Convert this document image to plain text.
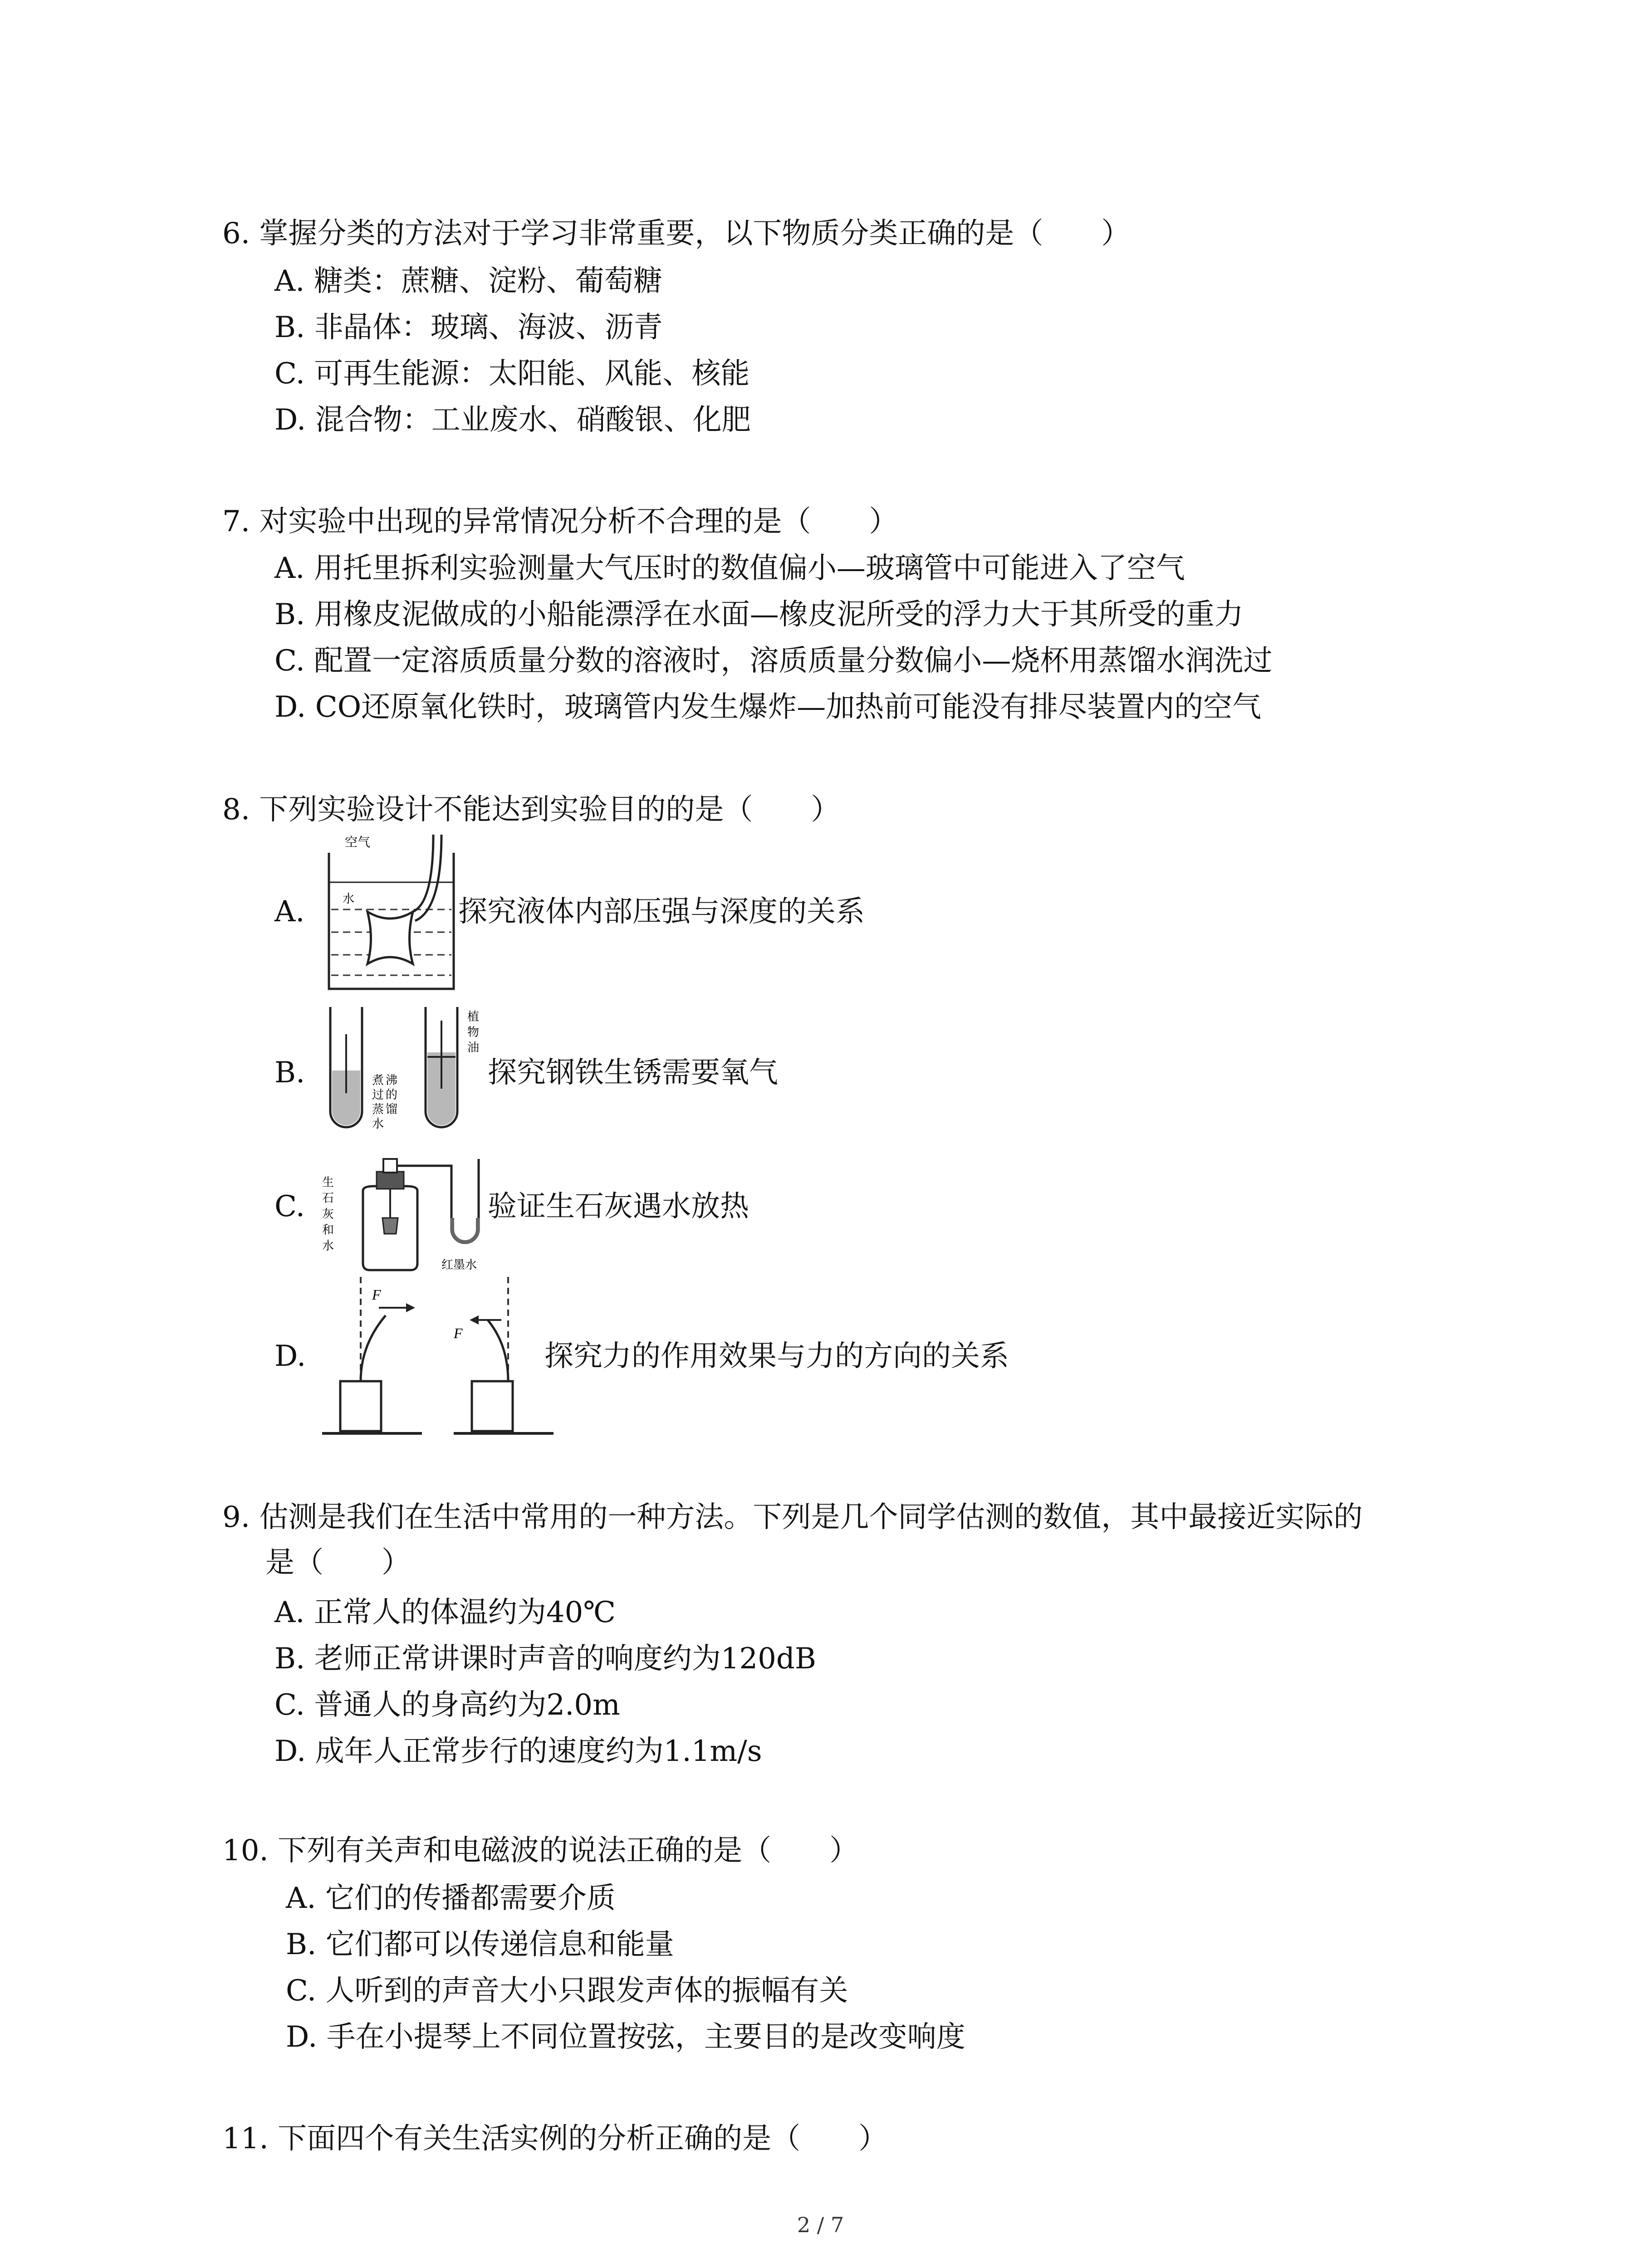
6. 掌握分类的方法对于学习非常重要，以下物质分类正确的是（　　）
A. 糖类：蔗糖、淀粉、葡萄糖
B. 非晶体：玻璃、海波、沥青
C. 可再生能源：太阳能、风能、核能
D. 混合物：工业废水、硝酸银、化肥
7. 对实验中出现的异常情况分析不合理的是（　　）
A. 用托里拆利实验测量大气压时的数值偏小—玻璃管中可能进入了空气
B. 用橡皮泥做成的小船能漂浮在水面—橡皮泥所受的浮力大于其所受的重力
C. 配置一定溶质质量分数的溶液时，溶质质量分数偏小—烧杯用蒸馏水润洗过
D. CO还原氧化铁时，玻璃管内发生爆炸—加热前可能没有排尽装置内的空气
8. 下列实验设计不能达到实验目的的是（　　）
A.
空气
水	探究液体内部压强与深度的关系
B.	煮 沸
过 的
蒸 馏
水
植
物
油
探究钢铁生锈需要氧气
C.
生
石
灰
和
水
红墨水
验证生石灰遇水放热
D.
F
F
探究力的作用效果与力的方向的关系
9. 估测是我们在生活中常用的一种方法。下列是几个同学估测的数值，其中最接近实际的
是（　　）
A. 正常人的体温约为40℃
B. 老师正常讲课时声音的响度约为120dB
C. 普通人的身高约为2.0m
D. 成年人正常步行的速度约为1.1m/s
10. 下列有关声和电磁波的说法正确的是（　　）
A. 它们的传播都需要介质
B. 它们都可以传递信息和能量
C. 人听到的声音大小只跟发声体的振幅有关
D. 手在小提琴上不同位置按弦，主要目的是改变响度
11. 下面四个有关生活实例的分析正确的是（　　）
2 / 7
